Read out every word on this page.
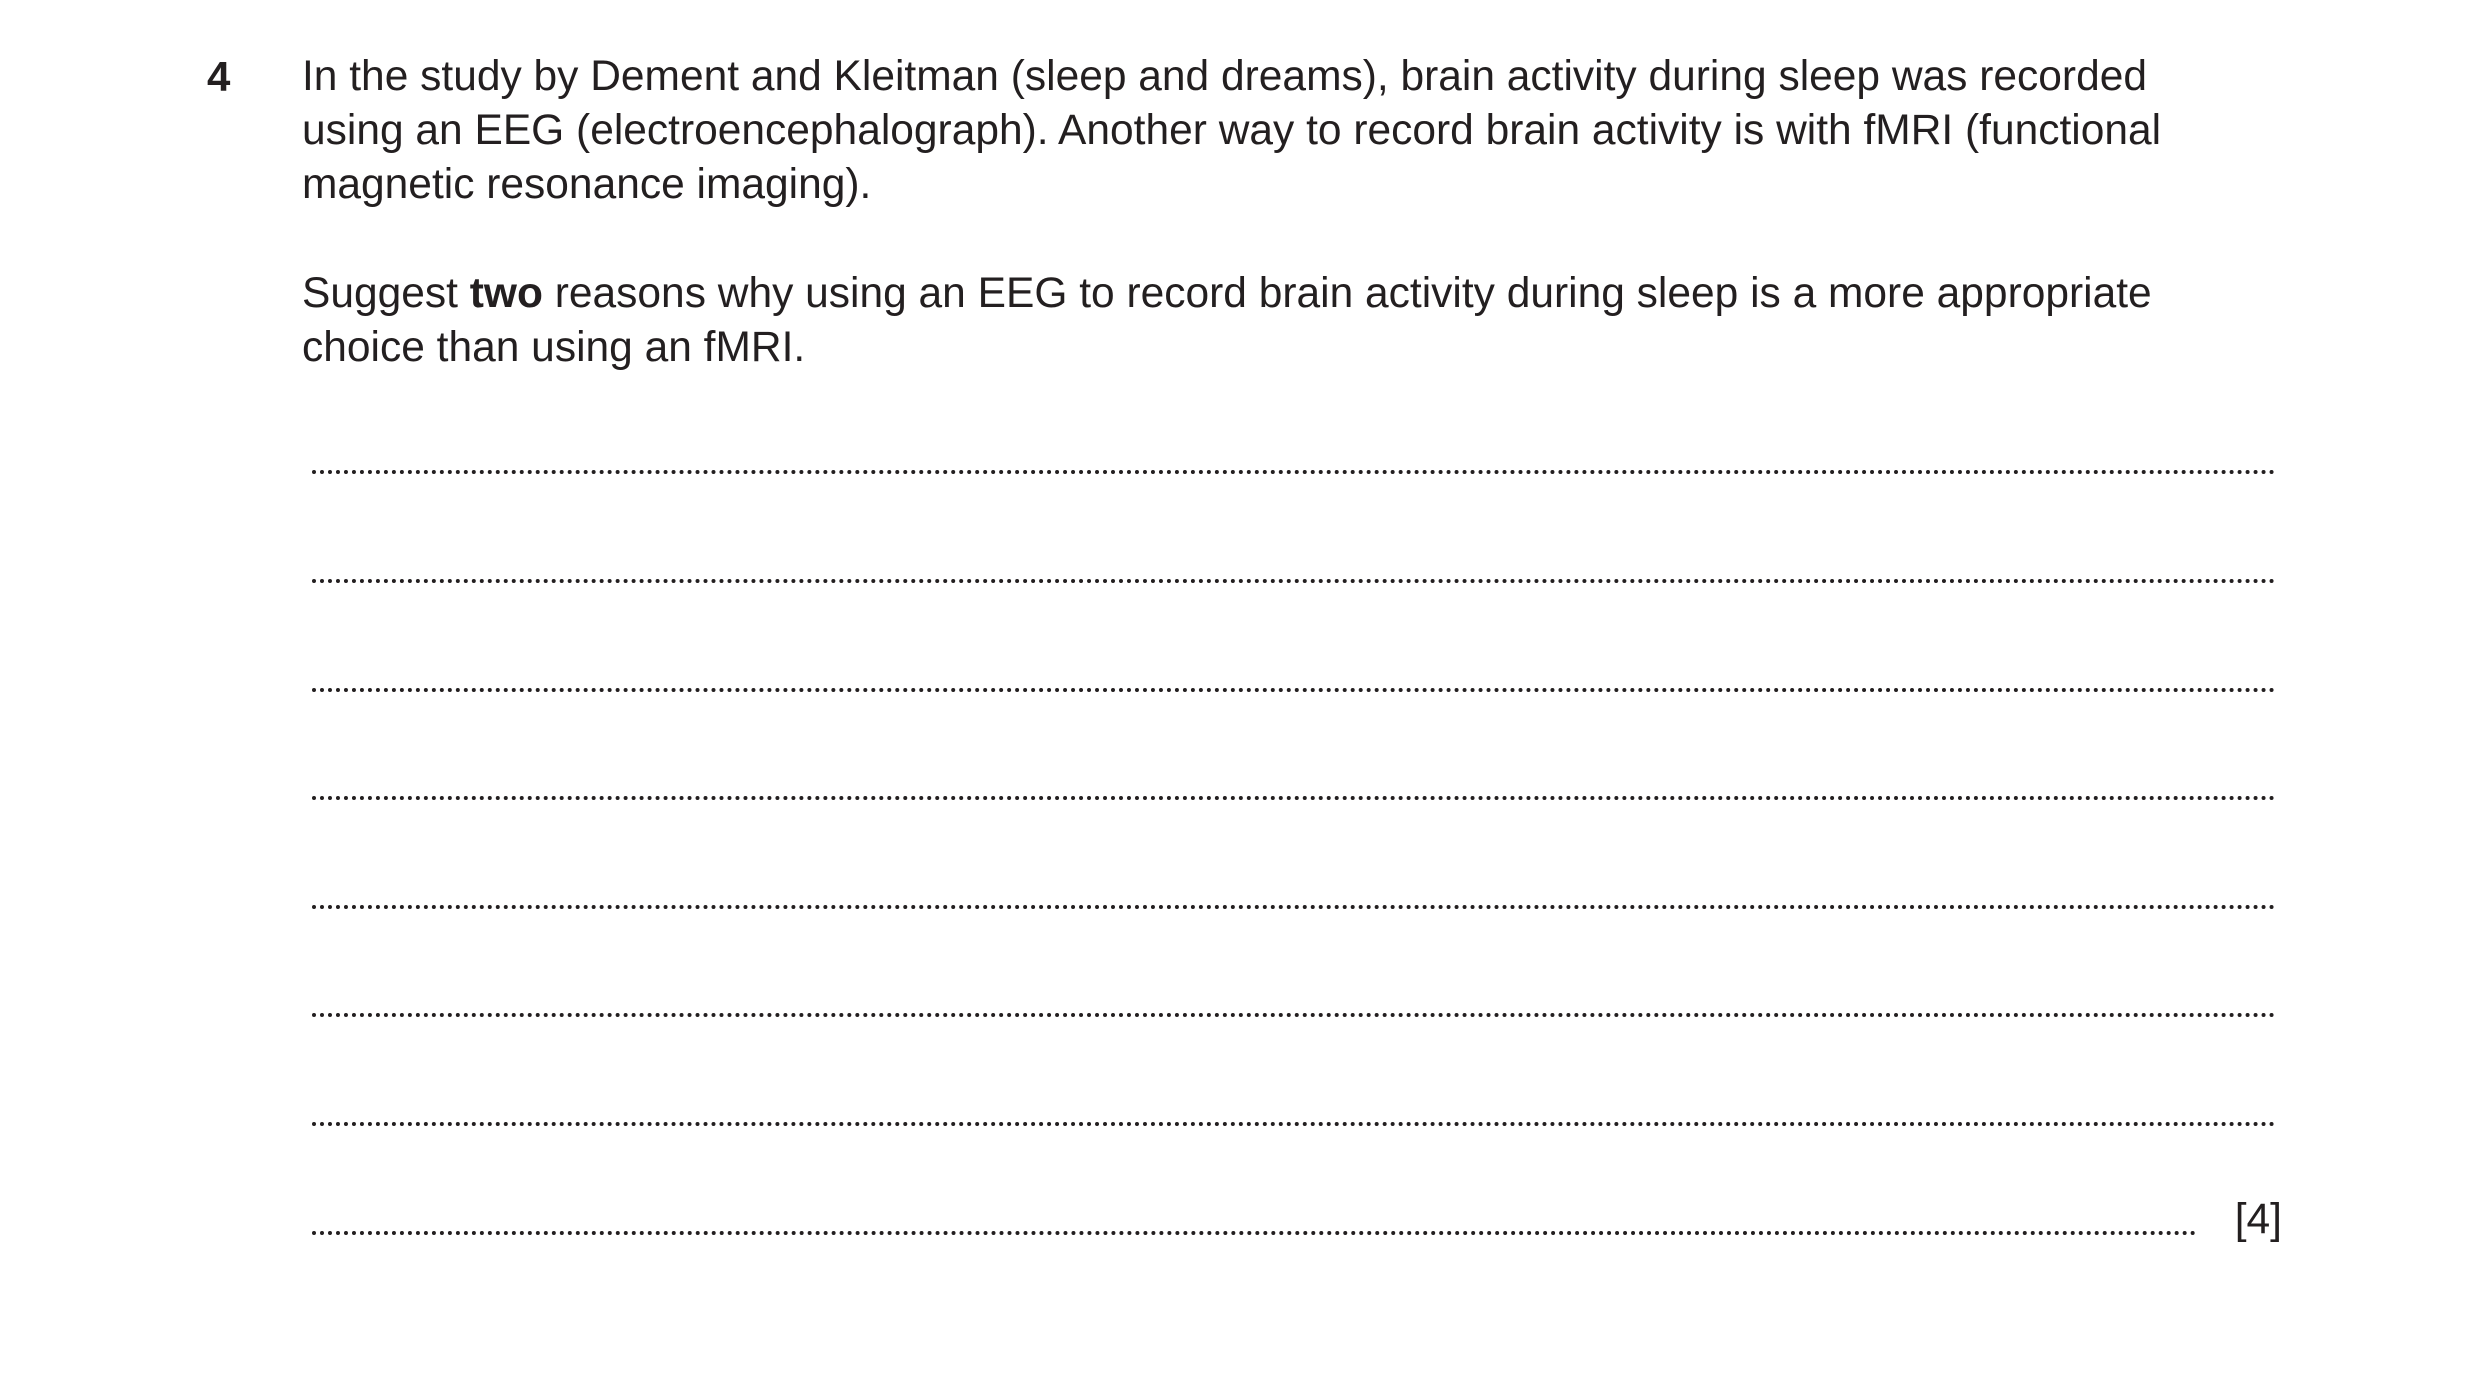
4 In the study by Dement and Kleitman (sleep and dreams), brain activity during sleep was recorded
using an EEG (electroencephalograph). Another way to record brain activity is with fMRI (functional
magnetic resonance imaging).

Suggest two reasons why using an EEG to record brain activity during sleep is a more appropriate
choice than using an fMRI.

[4]
